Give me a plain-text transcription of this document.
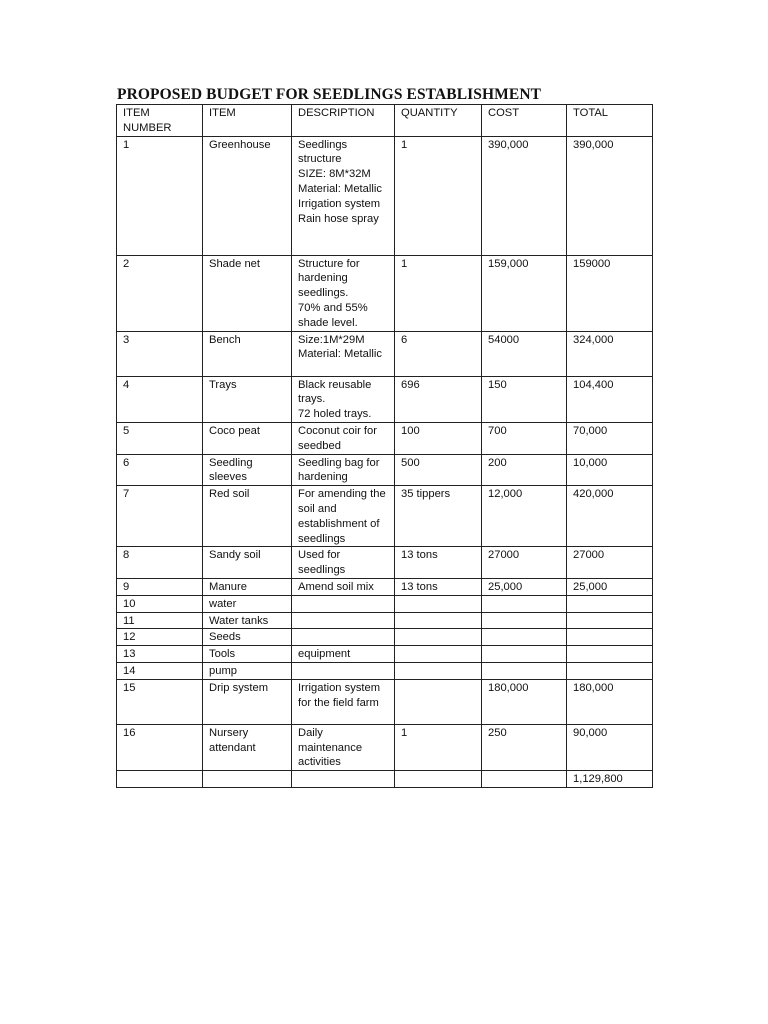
PROPOSED BUDGET FOR SEEDLINGS ESTABLISHMENT
ITEM NUMBER	ITEM	DESCRIPTION	QUANTITY	COST	TOTAL
1	Greenhouse	Seedlings structure
SIZE: 8M*32M
Material: Metallic
Irrigation system
Rain hose spray	1	390,000	390,000
2	Shade net	Structure for hardening seedlings.
70% and 55% shade level.	1	159,000	159000
3	Bench	Size:1M*29M
Material: Metallic	6	54000	324,000
4	Trays	Black reusable trays.
72 holed trays.	696	150	104,400
5	Coco peat	Coconut coir for seedbed	100	700	70,000
6	Seedling sleeves	Seedling bag for hardening	500	200	10,000
7	Red soil	For amending the soil and establishment of seedlings	35 tippers	12,000	420,000
8	Sandy soil	Used for seedlings	13 tons	27000	27000
9	Manure	Amend soil mix	13 tons	25,000	25,000
10	water				
11	Water tanks				
12	Seeds				
13	Tools	equipment			

14	pump				
15	Drip system	Irrigation system for the field farm		180,000	180,000
16	Nursery attendant	Daily maintenance activities	1	250	90,000
					1,129,800
